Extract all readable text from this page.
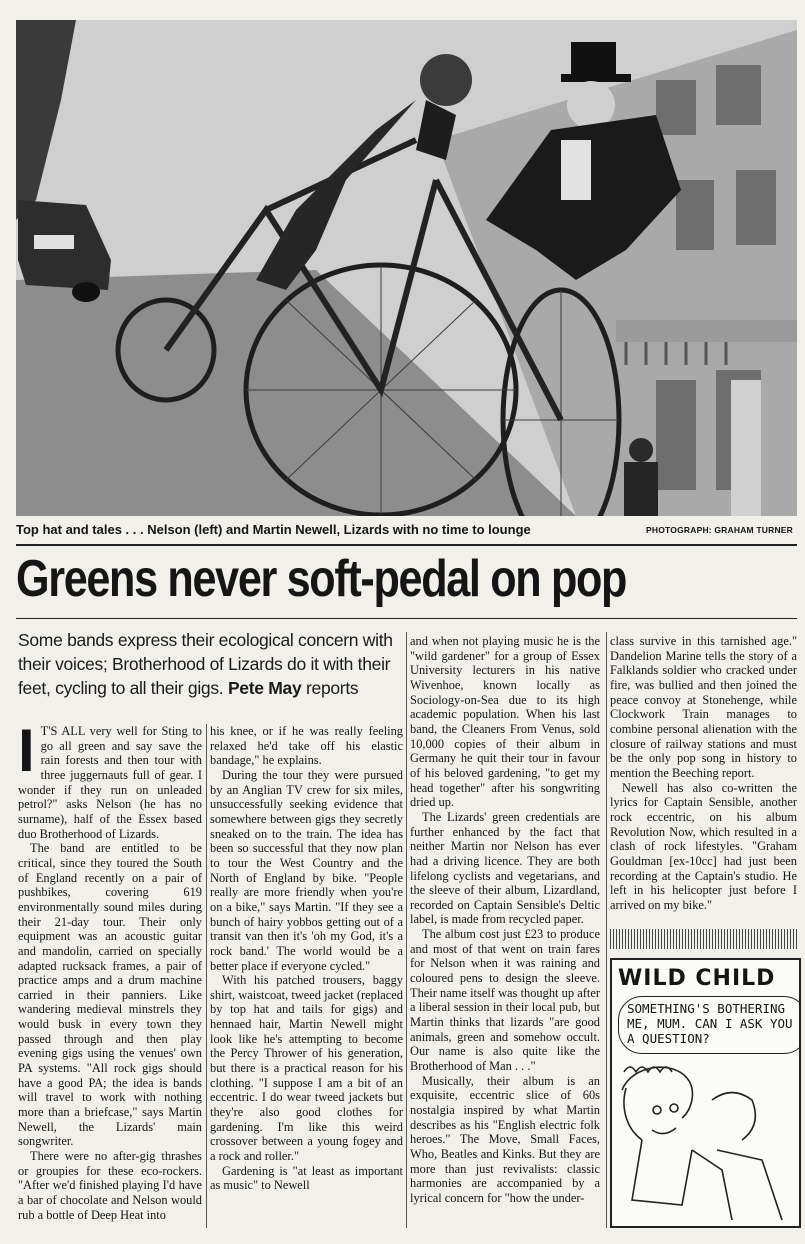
Top hat and tales . . . Nelson (left) and Martin Newell, Lizards with no time to lounge	PHOTOGRAPH: GRAHAM TURNER
Greens never soft-pedal on pop
Some bands express their ecological concern with their voices; Brotherhood of Lizards do it with their feet, cycling to all their gigs. Pete May reports
I T'S ALL very well for Sting to go all green and say save the rain forests and then tour with three juggernauts full of gear. I wonder if they run on unleaded petrol?" asks Nelson (he has no surname), half of the Essex based duo Brotherhood of Lizards.

The band are entitled to be critical, since they toured the South of England recently on a pair of pushbikes, covering 619 environmentally sound miles during their 21-day tour. Their only equipment was an acoustic guitar and mandolin, carried on specially adapted rucksack frames, a pair of practice amps and a drum machine carried in their panniers. Like wandering medieval minstrels they would busk in every town they passed through and then play evening gigs using the venues' own PA systems. "All rock gigs should have a good PA; the idea is bands will travel to work with nothing more than a briefcase," says Martin Newell, the Lizards' main songwriter.

There were no after-gig thrashes or groupies for these eco-rockers. "After we'd finished playing I'd have a bar of chocolate and Nelson would rub a bottle of Deep Heat into

his knee, or if he was really feeling relaxed he'd take off his elastic bandage," he explains.

During the tour they were pursued by an Anglian TV crew for six miles, unsuccessfully seeking evidence that somewhere between gigs they secretly sneaked on to the train. The idea has been so successful that they now plan to tour the West Country and the North of England by bike. "People really are more friendly when you're on a bike," says Martin. "If they see a bunch of hairy yobbos getting out of a transit van then it's 'oh my God, it's a rock band.' The world would be a better place if everyone cycled."

With his patched trousers, baggy shirt, waistcoat, tweed jacket (replaced by top hat and tails for gigs) and hennaed hair, Martin Newell might look like he's attempting to become the Percy Thrower of his generation, but there is a practical reason for his clothing. "I suppose I am a bit of an eccentric. I do wear tweed jackets but they're also good clothes for gardening. I'm like this weird crossover between a young fogey and a rock and roller."

Gardening is "at least as important as music" to Newell

and when not playing music he is the "wild gardener" for a group of Essex University lecturers in his native Wivenhoe, known locally as Sociology-on-Sea due to its high academic population. When his last band, the Cleaners From Venus, sold 10,000 copies of their album in Germany he quit their tour in favour of his beloved gardening, "to get my head together" after his songwriting dried up.

The Lizards' green credentials are further enhanced by the fact that neither Martin nor Nelson has ever had a driving licence. They are both lifelong cyclists and vegetarians, and the sleeve of their album, Lizardland, recorded on Captain Sensible's Deltic label, is made from recycled paper.

The album cost just £23 to produce and most of that went on train fares for Nelson when it was raining and coloured pens to design the sleeve. Their name itself was thought up after a liberal session in their local pub, but Martin thinks that lizards "are good animals, green and somehow occult. Our name is also quite like the Brotherhood of Man . . ."

Musically, their album is an exquisite, eccentric slice of 60s nostalgia inspired by what Martin describes as his "English electric folk heroes." The Move, Small Faces, Who, Beatles and Kinks. But they are more than just revivalists: classic harmonies are accompanied by a lyrical concern for "how the under-

class survive in this tarnished age." Dandelion Marine tells the story of a Falklands soldier who cracked under fire, was bullied and then joined the peace convoy at Stonehenge, while Clockwork Train manages to combine personal alienation with the closure of railway stations and must be the only pop song in history to mention the Beeching report.

Newell has also co-written the lyrics for Captain Sensible, another rock eccentric, on his album Revolution Now, which resulted in a clash of rock lifestyles. "Graham Gouldman [ex-10cc] had just been recording at the Captain's studio. He left in his helicopter just before I arrived on my bike."

WILD CHILD
SOMETHING'S BOTHERING ME, MUM. CAN I ASK YOU A QUESTION?
